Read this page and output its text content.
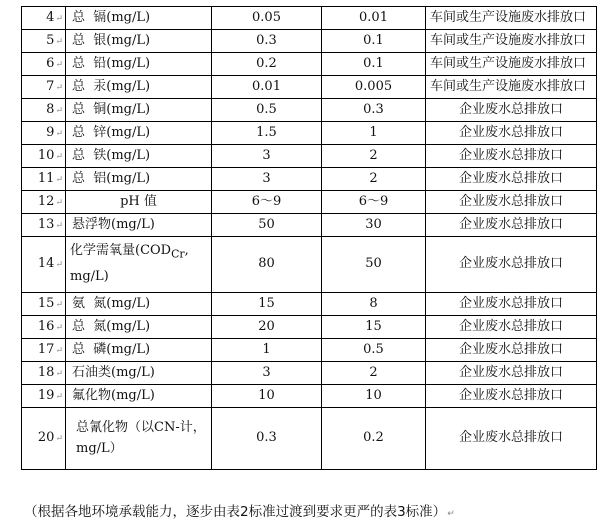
4↵	总  镉(mg/L)	0.05	0.01	车间或生产设施废水排放口
5↵	总  银(mg/L)	0.3	0.1	车间或生产设施废水排放口
6↵	总  铅(mg/L)	0.2	0.1	车间或生产设施废水排放口
7↵	总  汞(mg/L)	0.01	0.005	车间或生产设施废水排放口
8↵	总  铜(mg/L)	0.5	0.3	企业废水总排放口
9↵	总  锌(mg/L)	1.5	1	企业废水总排放口
10↵	总  铁(mg/L)	3	2	企业废水总排放口
11↵	总  铝(mg/L)	3	2	企业废水总排放口
12↵	pH 值	6～9	6～9	企业废水总排放口
13↵	悬浮物(mg/L)	50	30	企业废水总排放口
14↵	化学需氧量($COD_{Cr}$, mg/L)	80	50	企业废水总排放口
15↵	氨  氮(mg/L)	15	8	企业废水总排放口
16↵	总  氮(mg/L)	20	15	企业废水总排放口
17↵	总  磷(mg/L)	1	0.5	企业废水总排放口
18↵	石油类(mg/L)	3	2	企业废水总排放口
19↵	氟化物(mg/L)	10	10	企业废水总排放口
20↵	总氰化物（以CN-计，mg/L）	0.3	0.2	企业废水总排放口
（根据各地环境承载能力，逐步由表2标准过渡到要求更严的表3标准）↵
